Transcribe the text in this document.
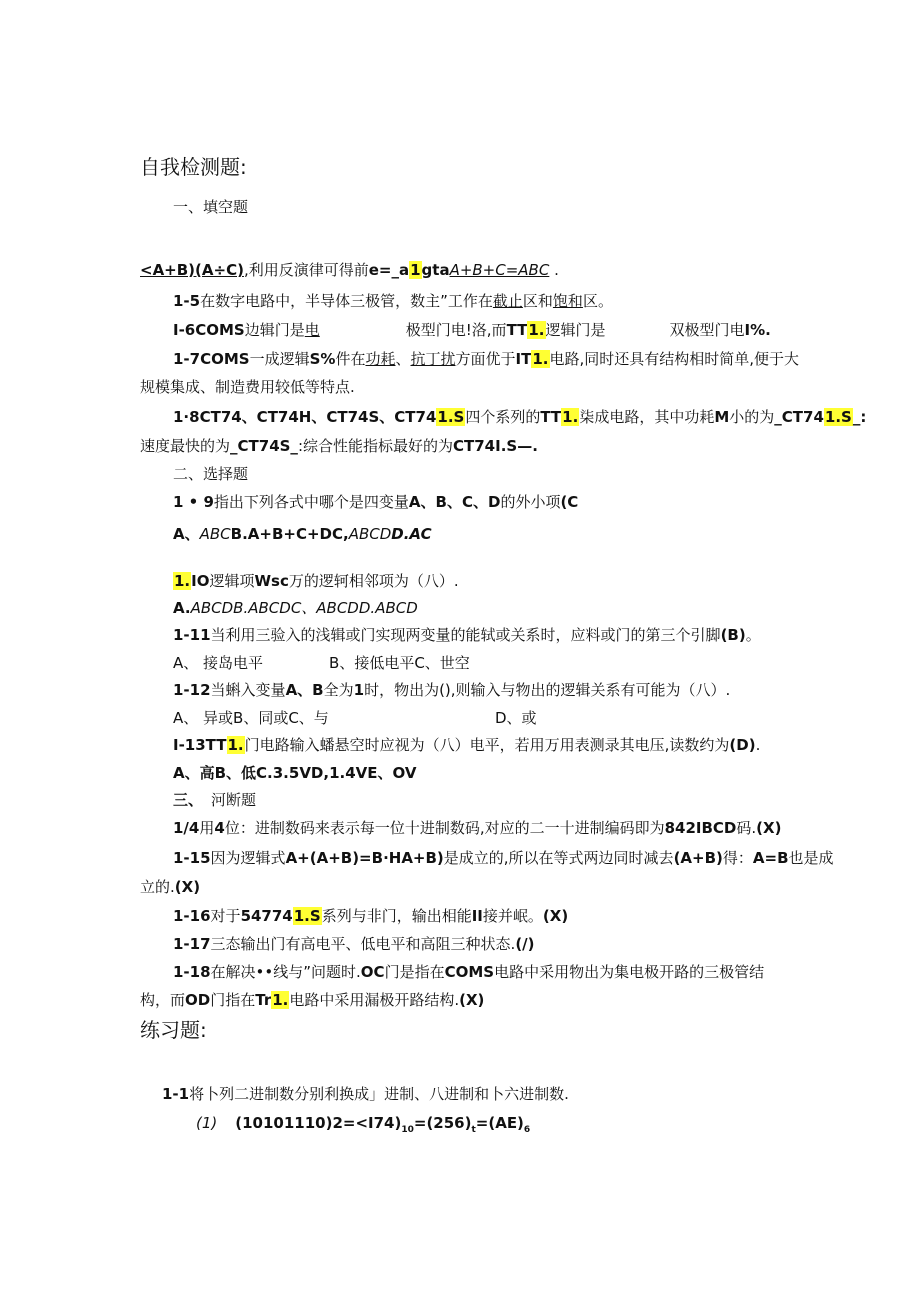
自我检测题:
一、填空题
<A+B)(A÷C),利用反演律可得前e=_a1gtaA+B+C=ABC .
1-5在数字电路中，半导体三极管，数主”工作在截止区和饱和区。
I-6COMS边辑门是电	极型门电!洛,而TT1.逻辑门是	双极型门电I%.
1-7COMS一成逻辑S%件在功耗、抗丁扰方面优于IT1.电路,同时还具有结构相时简单,便于大
规模集成、制造费用较低等特点.
1·8CT74、CT74H、CT74S、CT741.S四个系列的TT1.柒成电路，其中功耗M小的为_CT741.S_:
速度最快的为_CT74S_:综合性能指标最好的为CT74I.S—.
二、选择题
1 • 9指出下列各式中哪个是四变量A、B、C、D的外小项(C
A、ABCB.A+B+C+DC,ABCDD.AC
1.IO逻辑项Wsc万的逻轲相邻项为（八）.
A.ABCDB.ABCDC、ABCDD.ABCD
1-11当利用三验入的浅辑或门实现两变量的能轼或关系时，应料或门的第三个引脚(B)。
A、 接岛电平	B、接低电平C、世空
1-12当蝌入变量A、B全为1时，物出为(),则输入与物出的逻辑关系有可能为（八）.
A、 异或B、同或C、与	D、或
I-13TT1.门电路输入蟠悬空时应视为（八）电平，若用万用表测录其电压,读数约为(D).
A、高B、低C.3.5VD,1.4VE、OV
三、 河断题
1/4用4位：进制数码来表示每一位十进制数码,对应的二一十进制编码即为842IBCD码.(X)
1-15因为逻辑式A+(A+B)=B·HA+B)是成立的,所以在等式两边同时减去(A+B)得：A=B也是成
立的.(X)
1-16对于547741.S系列与非门，输出相能II接并岷。(X)
1-17三态输出门有高电平、低电平和高阻三种状态.(/)
1-18在解决••线与”问题时.OC门是指在COMS电路中采用物出为集电极开路的三极管结
构，而OD门指在Tr1.电路中采用漏极开路结构.(X)
练习题:
1-1将卜列二进制数分别利换成」进制、八进制和卜六进制数.
(1) $(10101110)2=<I74)_{10}=(256)_t=(AE)_6$
